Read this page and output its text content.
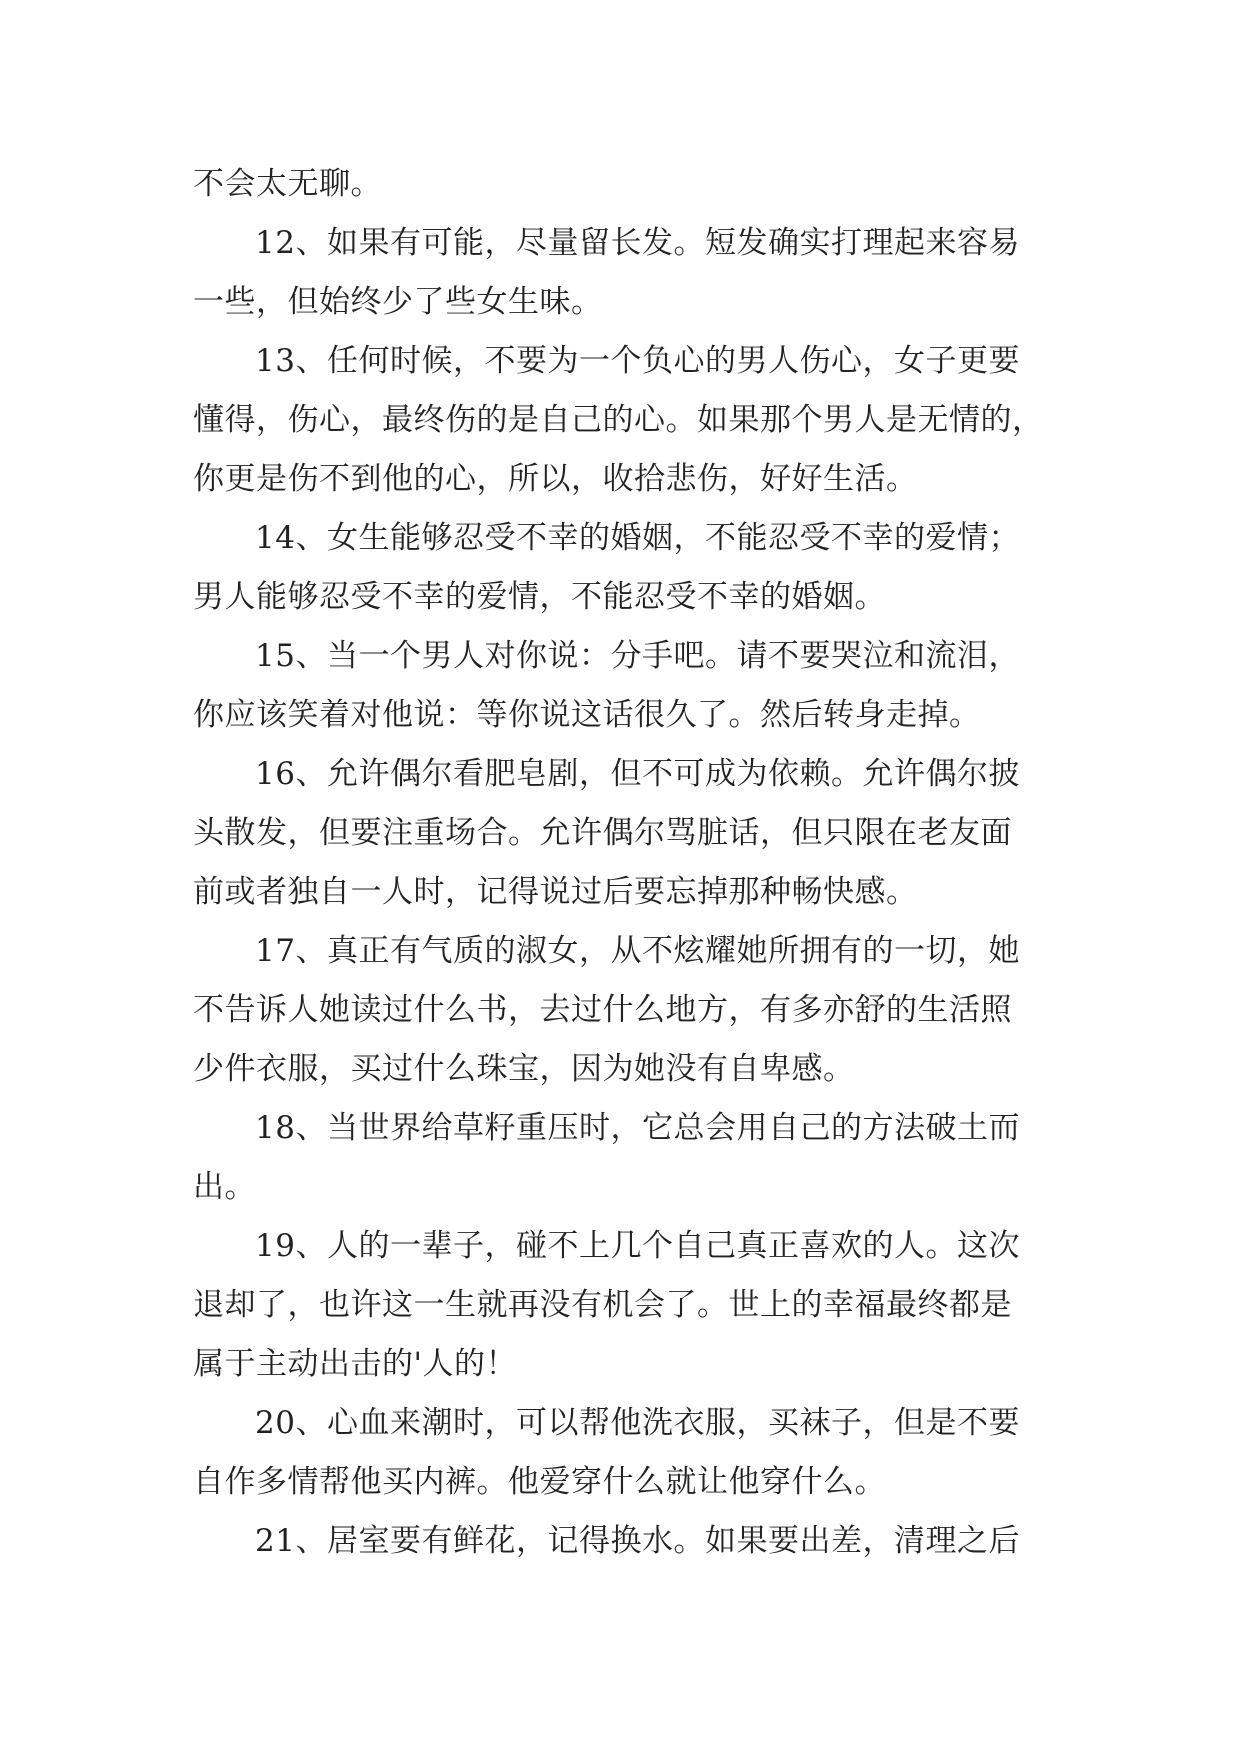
不会太无聊。
12、如果有可能，尽量留长发。短发确实打理起来容易
一些，但始终少了些女生味。
13、任何时候，不要为一个负心的男人伤心，女子更要
懂得，伤心，最终伤的是自己的心。如果那个男人是无情的，
你更是伤不到他的心，所以，收拾悲伤，好好生活。
14、女生能够忍受不幸的婚姻，不能忍受不幸的爱情；
男人能够忍受不幸的爱情，不能忍受不幸的婚姻。
15、当一个男人对你说：分手吧。请不要哭泣和流泪，
你应该笑着对他说：等你说这话很久了。然后转身走掉。
16、允许偶尔看肥皂剧，但不可成为依赖。允许偶尔披
头散发，但要注重场合。允许偶尔骂脏话，但只限在老友面
前或者独自一人时，记得说过后要忘掉那种畅快感。
17、真正有气质的淑女，从不炫耀她所拥有的一切，她
不告诉人她读过什么书，去过什么地方，有多亦舒的生活照
少件衣服，买过什么珠宝，因为她没有自卑感。
18、当世界给草籽重压时，它总会用自己的方法破土而
出。
19、人的一辈子，碰不上几个自己真正喜欢的人。这次
退却了，也许这一生就再没有机会了。世上的幸福最终都是
属于主动出击的'人的！
20、心血来潮时，可以帮他洗衣服，买袜子，但是不要
自作多情帮他买内裤。他爱穿什么就让他穿什么。
21、居室要有鲜花，记得换水。如果要出差，清理之后
